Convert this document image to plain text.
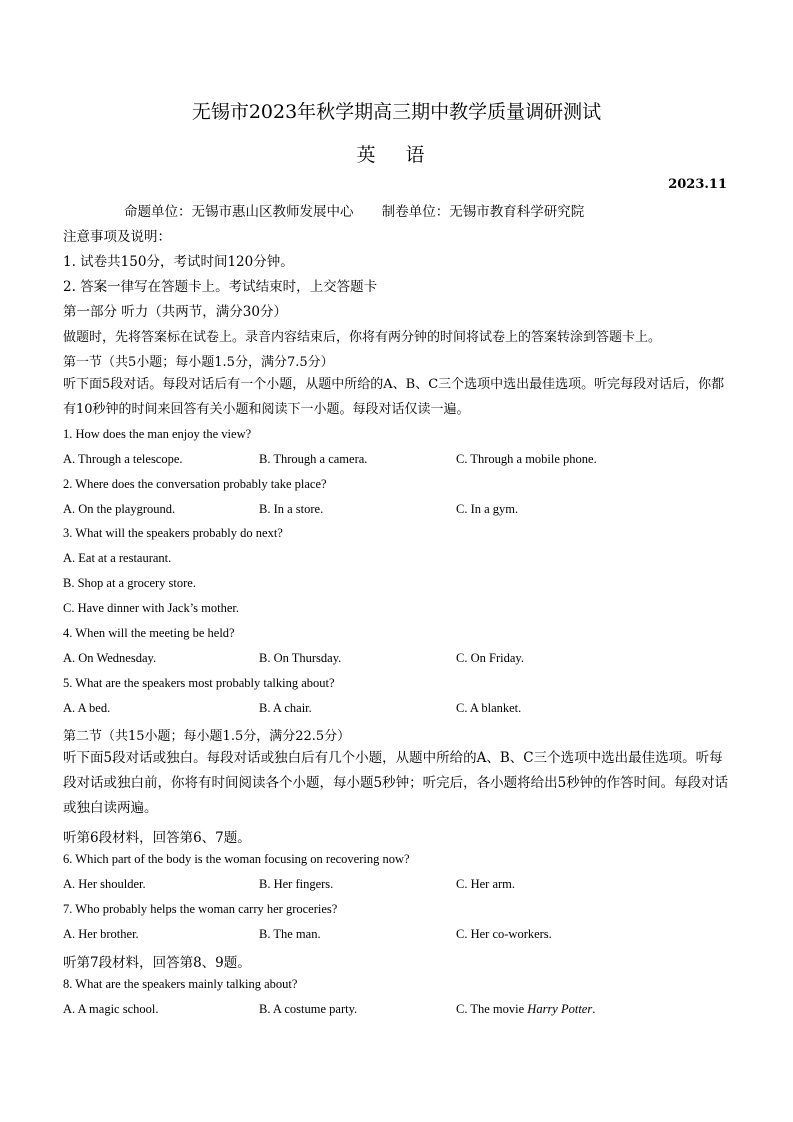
无锡市2023年秋学期高三期中教学质量调研测试
英 语
2023.11
命题单位：无锡市惠山区教师发展中心 制卷单位：无锡市教育科学研究院
注意事项及说明：
1. 试卷共150分，考试时间120分钟。
2. 答案一律写在答题卡上。考试结束时，上交答题卡
第一部分 听力（共两节，满分30分）
做题时，先将答案标在试卷上。录音内容结束后，你将有两分钟的时间将试卷上的答案转涂到答题卡上。
第一节（共5小题；每小题1.5分，满分7.5分）
听下面5段对话。每段对话后有一个小题，从题中所给的A、B、C三个选项中选出最佳选项。听完每段对话后，你都有10秒钟的时间来回答有关小题和阅读下一小题。每段对话仅读一遍。
1. How does the man enjoy the view?
A. Through a telescope.	B. Through a camera.	C. Through a mobile phone.
2. Where does the conversation probably take place?
A. On the playground.	B. In a store.	C. In a gym.
3. What will the speakers probably do next?
A. Eat at a restaurant.
B. Shop at a grocery store.
C. Have dinner with Jack’s mother.
4. When will the meeting be held?
A. On Wednesday.	B. On Thursday.	C. On Friday.
5. What are the speakers most probably talking about?
A. A bed.	B. A chair.	C. A blanket.
第二节（共15小题；每小题1.5分，满分22.5分）
听下面5段对话或独白。每段对话或独白后有几个小题，从题中所给的A、B、C三个选项中选出最佳选项。听每段对话或独白前，你将有时间阅读各个小题，每小题5秒钟；听完后，各小题将给出5秒钟的作答时间。每段对话或独白读两遍。
听第6段材料，回答第6、7题。
6. Which part of the body is the woman focusing on recovering now?
A. Her shoulder.	B. Her fingers.	C. Her arm.
7. Who probably helps the woman carry her groceries?
A. Her brother.	B. The man.	C. Her co-workers.
听第7段材料，回答第8、9题。
8. What are the speakers mainly talking about?
A. A magic school.	B. A costume party.	C. The movie Harry Potter.
